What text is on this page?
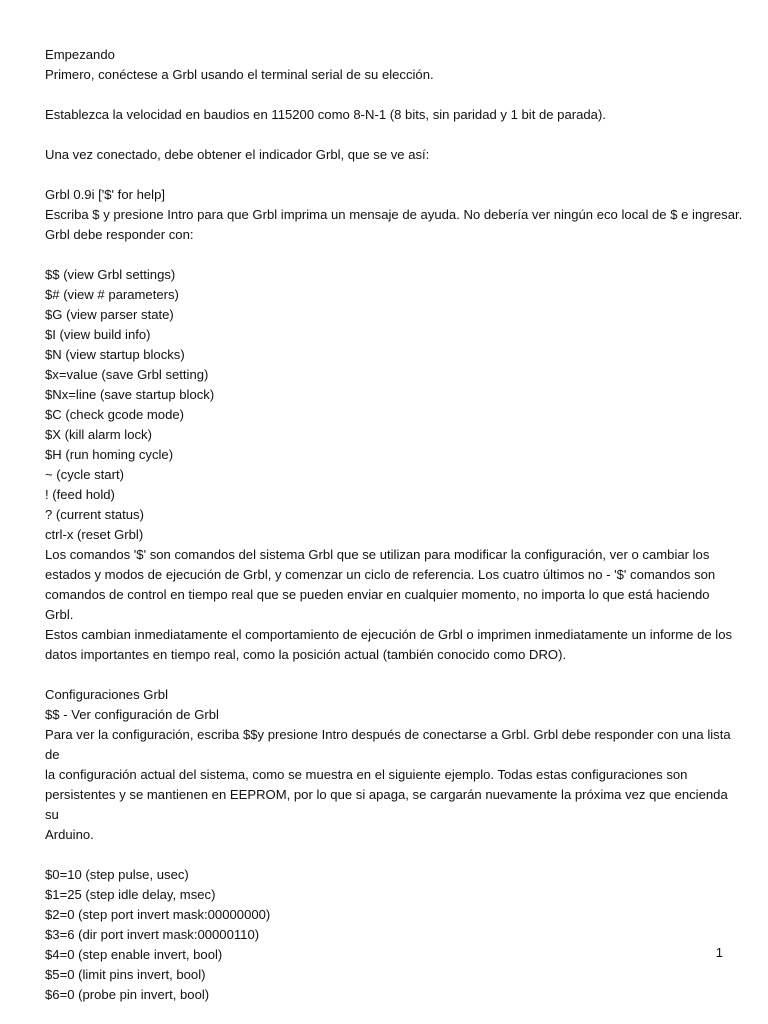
Empezando
Primero, conéctese a Grbl usando el terminal serial de su elección.
Establezca la velocidad en baudios en 115200 como 8-N-1 (8 bits, sin paridad y 1 bit de parada).
Una vez conectado, debe obtener el indicador Grbl, que se ve así:
Grbl 0.9i ['$' for help]
Escriba $ y presione Intro para que Grbl imprima un mensaje de ayuda. No debería ver ningún eco local de $ e ingresar.
Grbl debe responder con:
$$ (view Grbl settings)
$# (view # parameters)
$G (view parser state)
$I (view build info)
$N (view startup blocks)
$x=value (save Grbl setting)
$Nx=line (save startup block)
$C (check gcode mode)
$X (kill alarm lock)
$H (run homing cycle)
~ (cycle start)
! (feed hold)
? (current status)
ctrl-x (reset Grbl)
Los comandos '$' son comandos del sistema Grbl que se utilizan para modificar la configuración, ver o cambiar los
estados y modos de ejecución de Grbl, y comenzar un ciclo de referencia. Los cuatro últimos no - '$' comandos son
comandos de control en tiempo real que se pueden enviar en cualquier momento, no importa lo que está haciendo Grbl.
Estos cambian inmediatamente el comportamiento de ejecución de Grbl o imprimen inmediatamente un informe de los
datos importantes en tiempo real, como la posición actual (también conocido como DRO).
Configuraciones Grbl
$$ - Ver configuración de Grbl
Para ver la configuración, escriba $$y presione Intro después de conectarse a Grbl. Grbl debe responder con una lista de
la configuración actual del sistema, como se muestra en el siguiente ejemplo. Todas estas configuraciones son
persistentes y se mantienen en EEPROM, por lo que si apaga, se cargarán nuevamente la próxima vez que encienda su
Arduino.
$0=10 (step pulse, usec)
$1=25 (step idle delay, msec)
$2=0 (step port invert mask:00000000)
$3=6 (dir port invert mask:00000110)
$4=0 (step enable invert, bool)
$5=0 (limit pins invert, bool)
$6=0 (probe pin invert, bool)
1
